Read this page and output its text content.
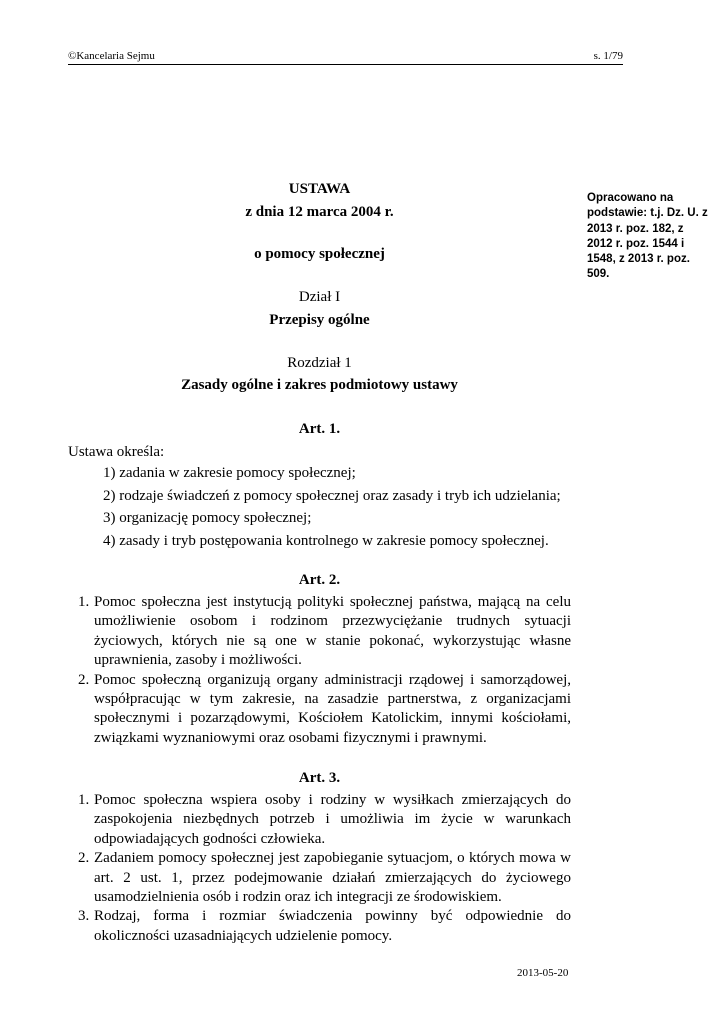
©Kancelaria Sejmu	s. 1/79
USTAWA
z dnia 12 marca 2004 r.
o pomocy społecznej
Dział I
Przepisy ogólne
Rozdział 1
Zasady ogólne i zakres podmiotowy ustawy
Opracowano na podstawie: t.j. Dz. U. z 2013 r. poz. 182, z 2012 r. poz. 1544 i 1548, z 2013 r. poz. 509.
Art. 1.
Ustawa określa:
1) zadania w zakresie pomocy społecznej;
2) rodzaje świadczeń z pomocy społecznej oraz zasady i tryb ich udzielania;
3) organizację pomocy społecznej;
4) zasady i tryb postępowania kontrolnego w zakresie pomocy społecznej.
Art. 2.
1. Pomoc społeczna jest instytucją polityki społecznej państwa, mającą na celu umożliwienie osobom i rodzinom przezwyciężanie trudnych sytuacji życiowych, których nie są one w stanie pokonać, wykorzystując własne uprawnienia, zasoby i możliwości.
2. Pomoc społeczną organizują organy administracji rządowej i samorządowej, współpracując w tym zakresie, na zasadzie partnerstwa, z organizacjami społecznymi i pozarządowymi, Kościołem Katolickim, innymi kościołami, związkami wyznaniowymi oraz osobami fizycznymi i prawnymi.
Art. 3.
1. Pomoc społeczna wspiera osoby i rodziny w wysiłkach zmierzających do zaspokojenia niezbędnych potrzeb i umożliwia im życie w warunkach odpowiadających godności człowieka.
2. Zadaniem pomocy społecznej jest zapobieganie sytuacjom, o których mowa w art. 2 ust. 1, przez podejmowanie działań zmierzających do życiowego usamodzielnienia osób i rodzin oraz ich integracji ze środowiskiem.
3. Rodzaj, forma i rozmiar świadczenia powinny być odpowiednie do okoliczności uzasadniających udzielenie pomocy.
2013-05-20
